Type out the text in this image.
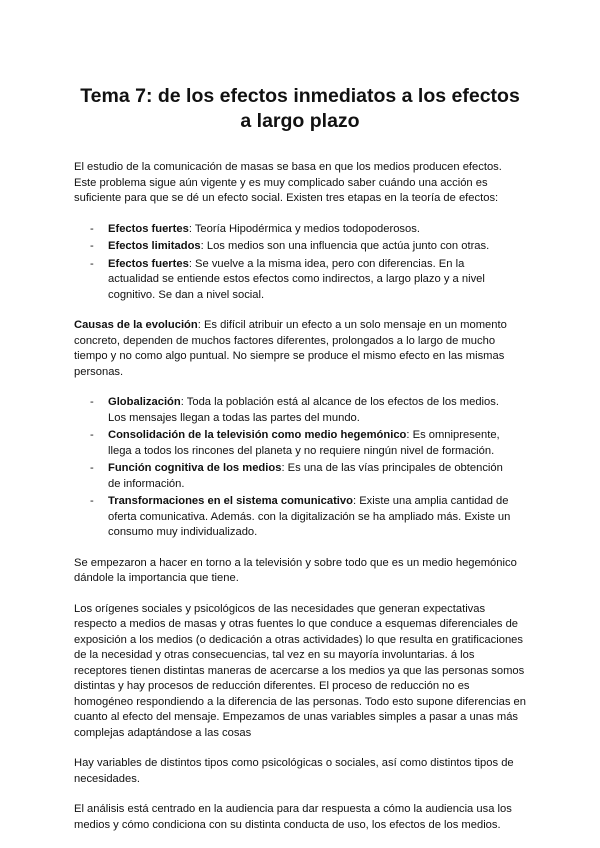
Tema 7: de los efectos inmediatos a los efectos a largo plazo

El estudio de la comunicación de masas se basa en que los medios producen efectos. Este problema sigue aún vigente y es muy complicado saber cuándo una acción es suficiente para que se dé un efecto social. Existen tres etapas en la teoría de efectos:

- Efectos fuertes: Teoría Hipodérmica y medios todopoderosos.
- Efectos limitados: Los medios son una influencia que actúa junto con otras.
- Efectos fuertes: Se vuelve a la misma idea, pero con diferencias. En la actualidad se entiende estos efectos como indirectos, a largo plazo y a nivel cognitivo. Se dan a nivel social.

Causas de la evolución: Es difícil atribuir un efecto a un solo mensaje en un momento concreto, dependen de muchos factores diferentes, prolongados a lo largo de mucho tiempo y no como algo puntual. No siempre se produce el mismo efecto en las mismas personas.

- Globalización: Toda la población está al alcance de los efectos de los medios. Los mensajes llegan a todas las partes del mundo.
- Consolidación de la televisión como medio hegemónico: Es omnipresente, llega a todos los rincones del planeta y no requiere ningún nivel de formación.
- Función cognitiva de los medios: Es una de las vías principales de obtención de información.
- Transformaciones en el sistema comunicativo: Existe una amplia cantidad de oferta comunicativa. Además. con la digitalización se ha ampliado más. Existe un consumo muy individualizado.

Se empezaron a hacer en torno a la televisión y sobre todo que es un medio hegemónico dándole la importancia que tiene.

Los orígenes sociales y psicológicos de las necesidades que generan expectativas respecto a medios de masas y otras fuentes lo que conduce a esquemas diferenciales de exposición a los medios (o dedicación a otras actividades) lo que resulta en gratificaciones de la necesidad y otras consecuencias, tal vez en su mayoría involuntarias. á los receptores tienen distintas maneras de acercarse a los medios ya que las personas somos distintas y hay procesos de reducción diferentes. El proceso de reducción no es homogéneo respondiendo a la diferencia de las personas. Todo esto supone diferencias en cuanto al efecto del mensaje. Empezamos de unas variables simples a pasar a unas más complejas adaptándose a las cosas

Hay variables de distintos tipos como psicológicas o sociales, así como distintos tipos de necesidades.

El análisis está centrado en la audiencia para dar respuesta a cómo la audiencia usa los medios y cómo condiciona con su distinta conducta de uso, los efectos de los medios.
